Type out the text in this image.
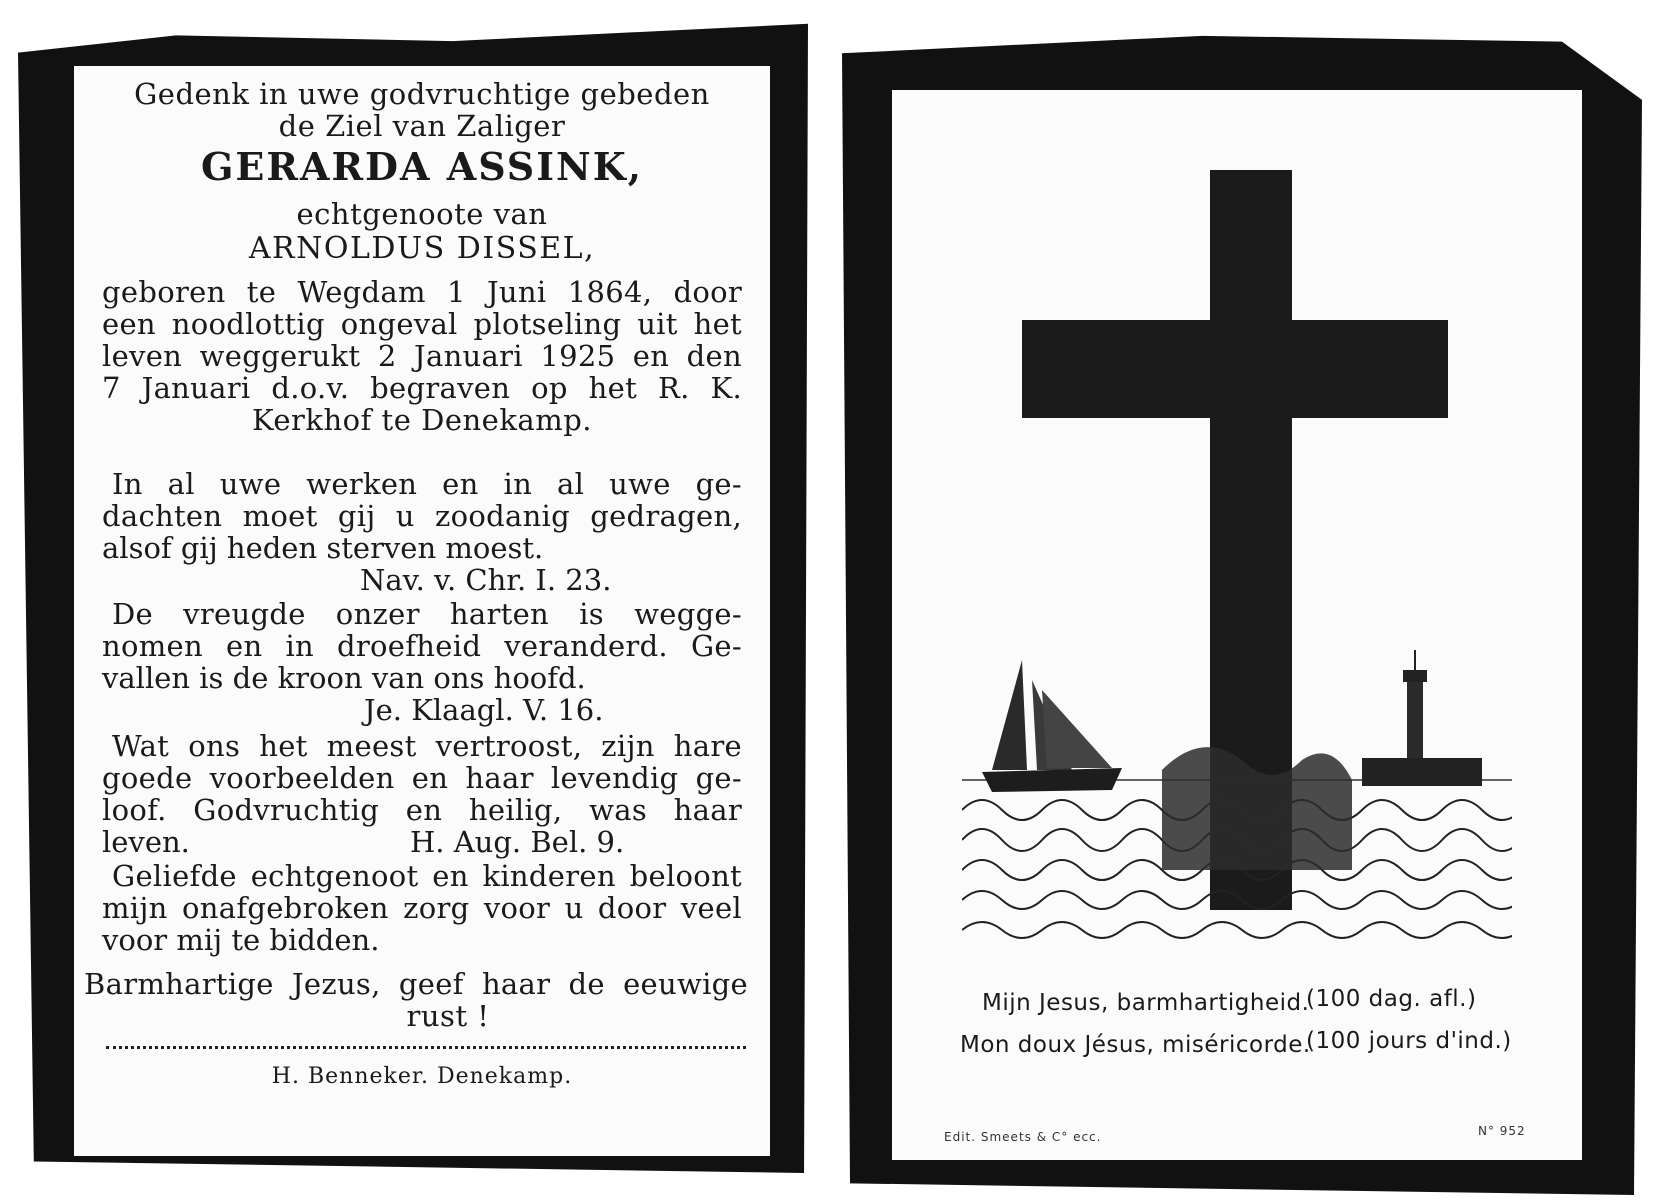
Gedenk in uwe godvruchtige gebeden
de Ziel van Zaliger
GERARDA ASSINK,
echtgenoote van
ARNOLDUS DISSEL,
geboren te Wegdam 1 Juni 1864, door
een noodlottig ongeval plotseling uit het
leven weggerukt 2 Januari 1925 en den
7 Januari d.o.v. begraven op het R. K.
Kerkhof te Denekamp.
In al uwe werken en in al uwe ge-
dachten moet gij u zoodanig gedragen,
alsof gij heden sterven moest.
Nav. v. Chr. I. 23.
De vreugde onzer harten is wegge-
nomen en in droefheid veranderd. Ge-
vallen is de kroon van ons hoofd.
Je. Klaagl. V. 16.
Wat ons het meest vertroost, zijn hare
goede voorbeelden en haar levendig ge-
loof. Godvruchtig en heilig, was haar
leven.	H. Aug. Bel. 9.
Geliefde echtgenoot en kinderen beloont
mijn onafgebroken zorg voor u door veel
voor mij te bidden.
Barmhartige Jezus, geef haar de eeuwige
rust !
H. Benneker. Denekamp.
Mijn Jesus, barmhartigheid.
(100 dag. afl.)
Mon doux Jésus, miséricorde.
(100 jours d'ind.)
Edit. Smeets & C° ecc.	N° 952
